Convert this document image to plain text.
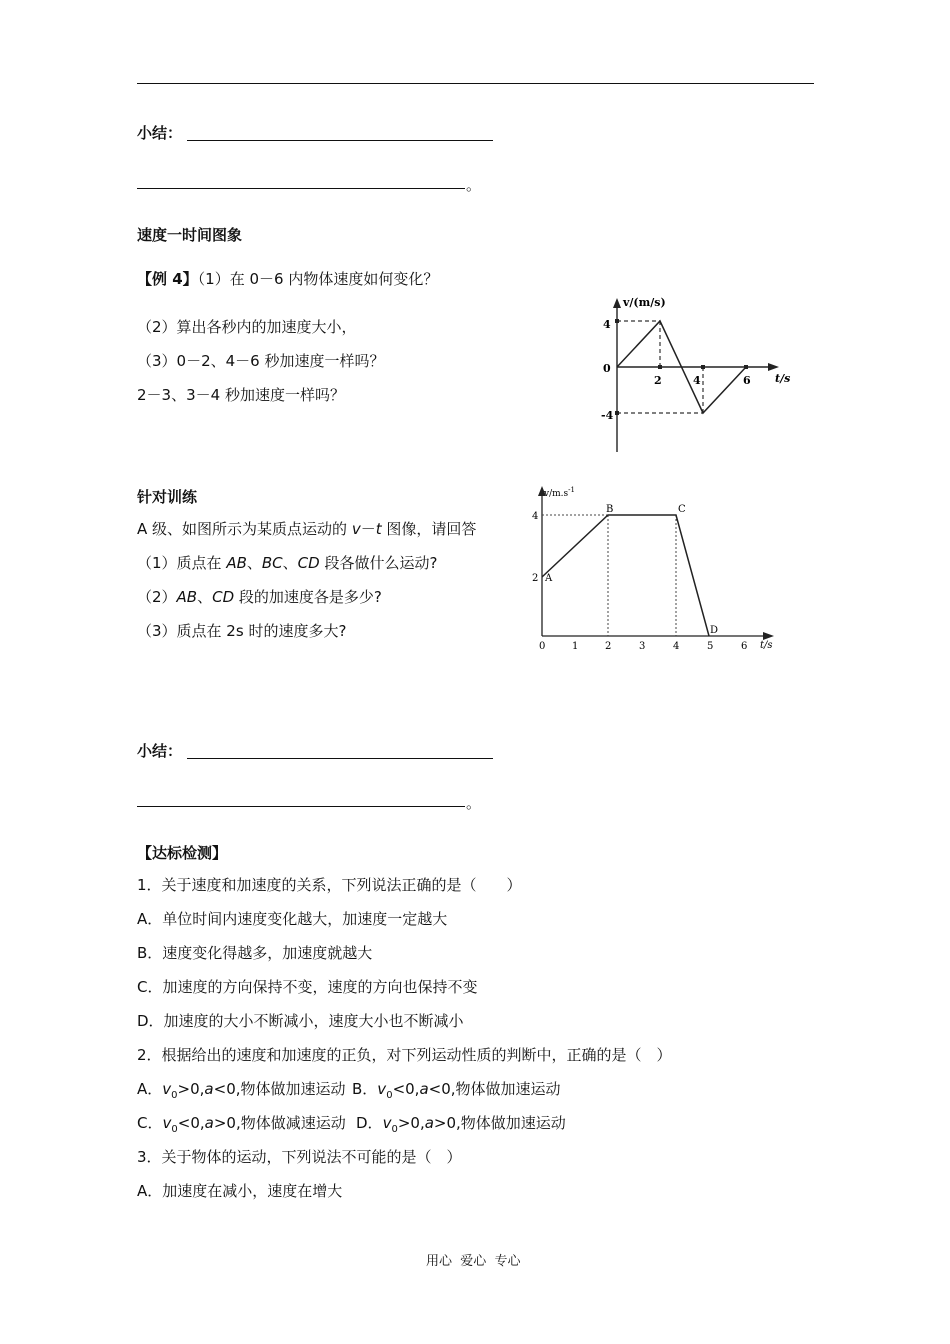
小结：
。
速度一时间图象
【例 4】（1）在 0－6 内物体速度如何变化？
（2）算出各秒内的加速度大小，
（3）0－2、4－6 秒加速度一样吗？
2－3、3－4 秒加速度一样吗？
v/(m/s)
4
0
-4
2	4	6 t/s
针对训练
A 级、如图所示为某质点运动的 v－t 图像，请回答
（1）质点在 AB、BC、CD 段各做什么运动?
（2）AB、CD 段的加速度各是多少?
（3）质点在 2s 时的速度多大?
$v/m.s^{-1}$
4
2 A
B	C
D
0	1	2	3	4	5	6 t/s
小结：
。
【达标检测】
1．关于速度和加速度的关系，下列说法正确的是（　　）
A．单位时间内速度变化越大，加速度一定越大
B．速度变化得越多，加速度就越大
C．加速度的方向保持不变，速度的方向也保持不变
D．加速度的大小不断减小，速度大小也不断减小
2．根据给出的速度和加速度的正负，对下列运动性质的判断中，正确的是（　）
A．$v_0>0,a<0$,物体做加速运动 B．$v_0<0,a<0$,物体做加速运动
C．$v_0<0,a>0$,物体做减速运动 D．$v_0>0,a>0$,物体做加速运动
3．关于物体的运动，下列说法不可能的是（　）
A．加速度在减小，速度在增大
用心  爱心  专心
